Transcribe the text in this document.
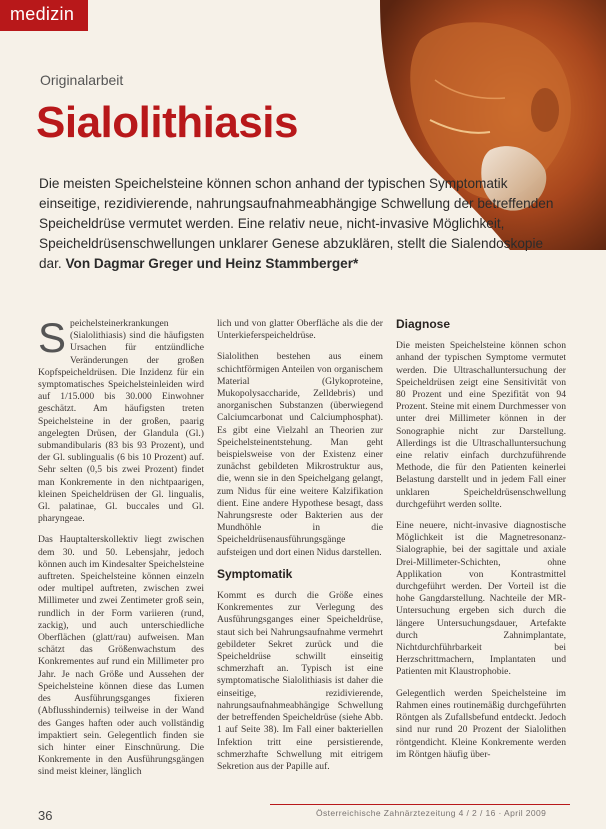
medizin
Originalarbeit
Sialolithiasis
Die meisten Speichelsteine können schon anhand der typischen Symptomatik einseitige, rezidivierende, nahrungsaufnahmeabhängige Schwellung der betreffenden Speicheldrüse vermutet werden. Eine relativ neue, nicht-invasive Möglichkeit, Speicheldrüsenschwellungen unklarer Genese abzuklären, stellt die Sialendoskopie dar. Von Dagmar Greger und Heinz Stammberger*

Speichelsteinerkrankungen (Sialolithiasis) sind die häufigsten Ursachen für entzündliche Veränderungen der großen Kopfspeicheldrüsen. Die Inzidenz für ein symptomatisches Speichelsteinleiden wird auf 1/15.000 bis 30.000 Einwohner geschätzt. Am häufigsten treten Speichelsteine in der großen, paarig angelegten Drüsen, der Glandula (Gl.) submandibularis (83 bis 93 Prozent), und der Gl. sublingualis (6 bis 10 Prozent) auf. Sehr selten (0,5 bis zwei Prozent) findet man Konkremente in den nichtpaarigen, kleinen Speicheldrüsen der Gl. lingualis, Gl. palatinae, Gl. buccales und Gl. pharyngeae.

Das Hauptalterskollektiv liegt zwischen dem 30. und 50. Lebensjahr, jedoch können auch im Kindesalter Speichelsteine auftreten. Speichelsteine können einzeln oder multipel auftreten, zwischen zwei Millimeter und zwei Zentimeter groß sein, rundlich in der Form variieren (rund, zackig), und auch unterschiedliche Oberflächen (glatt/rau) aufweisen. Man schätzt das Größenwachstum des Konkrementes auf rund ein Millimeter pro Jahr. Je nach Größe und Aussehen der Speichelsteine können diese das Lumen des Ausführungsganges fixieren (Abflusshindernis) teilweise in der Wand des Ganges haften oder auch vollständig impaktiert sein. Gelegentlich finden sie sich hinter einer Einschnürung. Die Konkremente in den Ausführungsgängen sind meist kleiner, länglich

lich und von glatter Oberfläche als die der Unterkieferspeicheldrüse.

Sialolithen bestehen aus einem schichtförmigen Anteilen von organischem Material (Glykoproteine, Mukopolysaccharide, Zelldebris) und anorganischen Substanzen (überwiegend Calciumcarbonat und Calciumphosphat). Es gibt eine Vielzahl an Theorien zur Speichelsteinentstehung. Man geht beispielsweise von der Existenz einer zunächst gebildeten Mikrostruktur aus, die, wenn sie in den Speichelgang gelangt, zum Nidus für eine weitere Kalzifikation dient. Eine andere Hypothese besagt, dass Nahrungsreste oder Bakterien aus der Mundhöhle in die Speicheldrüsenausführungsgänge aufsteigen und dort einen Nidus darstellen.

Symptomatik

Kommt es durch die Größe eines Konkrementes zur Verlegung des Ausführungsganges einer Speicheldrüse, staut sich bei Nahrungsaufnahme vermehrt gebildeter Sekret zurück und die Speicheldrüse schwillt einseitig schmerzhaft an. Typisch ist eine symptomatische Sialolithiasis ist daher die einseitige, rezidivierende, nahrungsaufnahmeabhängige Schwellung der betreffenden Speicheldrüse (siehe Abb. 1 auf Seite 38). Im Fall einer bakteriellen Infektion tritt eine persistierende, schmerzhafte Schwellung mit eitrigem Sekretion aus der Papille auf.

Diagnose

Die meisten Speichelsteine können schon anhand der typischen Symptome vermutet werden. Die Ultraschalluntersuchung der Speicheldrüsen zeigt eine Sensitivität von 80 Prozent und eine Spezifität von 94 Prozent. Steine mit einem Durchmesser von unter drei Millimeter können in der Sonographie nicht zur Darstellung. Allerdings ist die Ultraschalluntersuchung eine relativ einfach durchzuführende Methode, die für den Patienten keinerlei Belastung darstellt und in jedem Fall einer unklaren Speicheldrüsenschwellung durchgeführt werden sollte.

Eine neuere, nicht-invasive diagnostische Möglichkeit ist die Magnetresonanz-Sialographie, bei der sagittale und axiale Drei-Millimeter-Schichten, ohne Applikation von Kontrastmittel durchgeführt werden. Der Vorteil ist die hohe Gangdarstellung. Nachteile der MR-Untersuchung ergeben sich durch die längere Untersuchungsdauer, Artefakte durch Zahnimplantate, Nichtdurchführbarkeit bei Herzschrittmachern, Implantaten und Patienten mit Klaustrophobie.

Gelegentlich werden Speichelsteine im Rahmen eines routinemäßig durchgeführten Röntgen als Zufallsbefund entdeckt. Jedoch sind nur rund 20 Prozent der Sialolithen röntgendicht. Kleine Konkremente werden im Röntgen häufig über-

36	Österreichische Zahnärztezeitung 4 / 2 / 16 · April 2009
